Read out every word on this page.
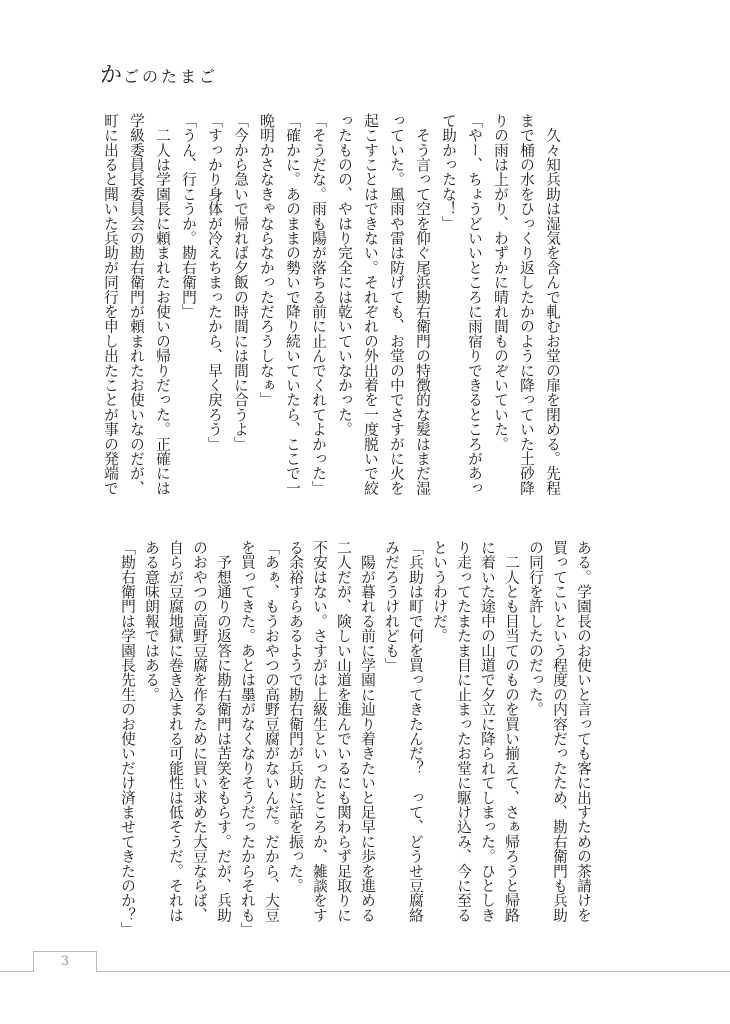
かごのたまご
　久々知兵助は湿気を含んで軋むお堂の扉を閉める。先程
まで桶の水をひっくり返したかのように降っていた土砂降
りの雨は上がり、わずかに晴れ間ものぞいていた。
「やー、ちょうどいいところに雨宿りできるところがあっ
て助かったな！」
　そう言って空を仰ぐ尾浜勘右衛門の特徴的な髪はまだ湿
っていた。風雨や雷は防げても、お堂の中でさすがに火を
起こすことはできない。それぞれの外出着を一度脱いで絞
ったものの、やはり完全には乾いていなかった。
「そうだな。雨も陽が落ちる前に止んでくれてよかった」
「確かに。あのままの勢いで降り続いていたら、ここで一
晩明かさなきゃならなかっただろうしなぁ」
「今から急いで帰れば夕飯の時間には間に合うよ」
「すっかり身体が冷えちまったから、早く戻ろう」
「うん、行こうか。勘右衛門」
　二人は学園長に頼まれたお使いの帰りだった。正確には
学級委員長委員会の勘右衛門が頼まれたお使いなのだが、
町に出ると聞いた兵助が同行を申し出たことが事の発端で
ある。学園長のお使いと言っても客に出すための茶請けを
買ってこいという程度の内容だったため、勘右衛門も兵助
の同行を許したのだった。
　二人とも目当てのものを買い揃えて、さぁ帰ろうと帰路
に着いた途中の山道で夕立に降られてしまった。ひとしき
り走ってたまたま目に止まったお堂に駆け込み、今に至る
というわけだ。
「兵助は町で何を買ってきたんだ？　って、どうせ豆腐絡
みだろうけれども」
　陽が暮れる前に学園に辿り着きたいと足早に歩を進める
二人だが、険しい山道を進んでいるにも関わらず足取りに
不安はない。さすがは上級生といったところか、雑談をす
る余裕すらあるようで勘右衛門が兵助に話を振った。
「あぁ、もうおやつの高野豆腐がないんだ。だから、大豆
を買ってきた。あとは墨がなくなりそうだったからそれも」
　予想通りの返答に勘右衛門は苦笑をもらす。だが、兵助
のおやつの高野豆腐を作るために買い求めた大豆ならば、
自らが豆腐地獄に巻き込まれる可能性は低そうだ。それは
ある意味朗報ではある。
「勘右衛門は学園長先生のお使いだけ済ませてきたのか？」
3
